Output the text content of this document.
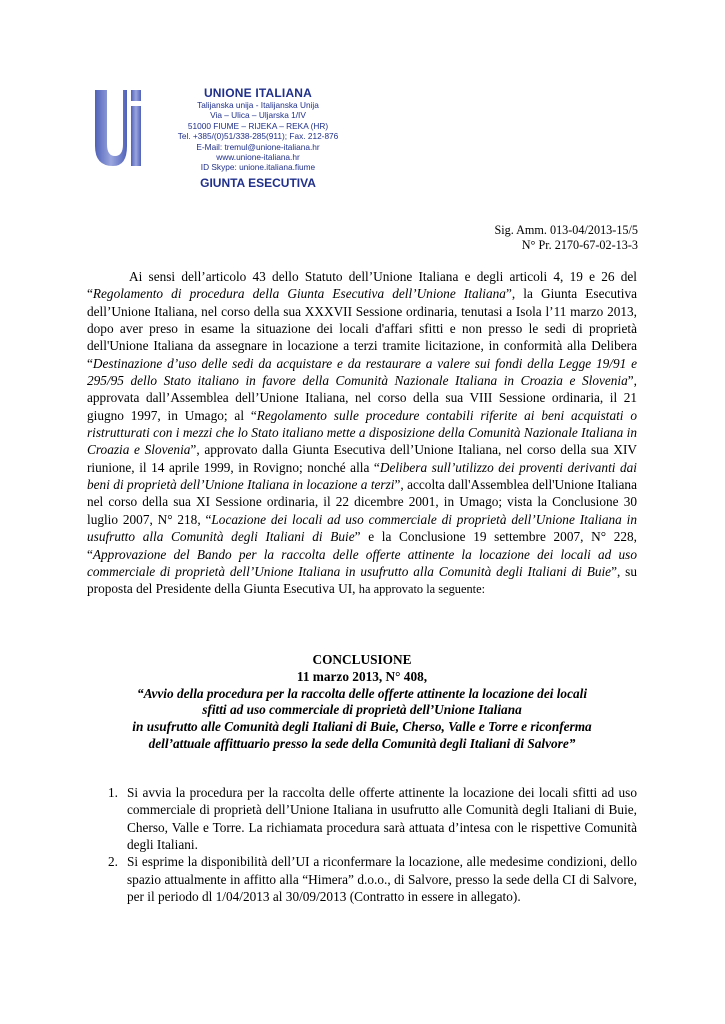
UNIONE ITALIANA
Talijanska unija - Italijanska Unija
Via – Ulica – Uljarska 1/IV
51000 FIUME – RIJEKA – REKA (HR)
Tel. +385/(0)51/338-285(911); Fax. 212-876
E-Mail: tremul@unione-italiana.hr
www.unione-italiana.hr
ID Skype: unione.italiana.fiume
GIUNTA ESECUTIVA
Sig. Amm. 013-04/2013-15/5
N° Pr. 2170-67-02-13-3

Ai sensi dell’articolo 43 dello Statuto dell’Unione Italiana e degli articoli 4, 19 e 26 del “Regolamento di procedura della Giunta Esecutiva dell’Unione Italiana”, la Giunta Esecutiva dell’Unione Italiana, nel corso della sua XXXVII Sessione ordinaria, tenutasi a Isola l’11 marzo 2013, dopo aver preso in esame la situazione dei locali d'affari sfitti e non presso le sedi di proprietà dell'Unione Italiana da assegnare in locazione a terzi tramite licitazione, in conformità alla Delibera “Destinazione d’uso delle sedi da acquistare e da restaurare a valere sui fondi della Legge 19/91 e 295/95 dello Stato italiano in favore della Comunità Nazionale Italiana in Croazia e Slovenia”, approvata dall’Assemblea dell’Unione Italiana, nel corso della sua VIII Sessione ordinaria, il 21 giugno 1997, in Umago; al “Regolamento sulle procedure contabili riferite ai beni acquistati o ristrutturati con i mezzi che lo Stato italiano mette a disposizione della Comunità Nazionale Italiana in Croazia e Slovenia”, approvato dalla Giunta Esecutiva dell’Unione Italiana, nel corso della sua XIV riunione, il 14 aprile 1999, in Rovigno; nonché alla “Delibera sull’utilizzo dei proventi derivanti dai beni di proprietà dell’Unione Italiana in locazione a terzi”, accolta dall'Assemblea dell'Unione Italiana nel corso della sua XI Sessione ordinaria, il 22 dicembre 2001, in Umago; vista la Conclusione 30 luglio 2007, N° 218, “Locazione dei locali ad uso commerciale di proprietà dell’Unione Italiana in usufrutto alla Comunità degli Italiani di Buie” e la Conclusione 19 settembre 2007, N° 228, “Approvazione del Bando per la raccolta delle offerte attinente la locazione dei locali ad uso commerciale di proprietà dell’Unione Italiana in usufrutto alla Comunità degli Italiani di Buie”, su proposta del Presidente della Giunta Esecutiva UI, ha approvato la seguente:

CONCLUSIONE
11 marzo 2013, N° 408,
“Avvio della procedura per la raccolta delle offerte attinente la locazione dei locali
sfitti ad uso commerciale di proprietà dell’Unione Italiana
in usufrutto alle Comunità degli Italiani di Buie, Cherso, Valle e Torre e riconferma
dell’attuale affittuario presso la sede della Comunità degli Italiani di Salvore”
1. Si avvia la procedura per la raccolta delle offerte attinente la locazione dei locali sfitti ad uso commerciale di proprietà dell’Unione Italiana in usufrutto alle Comunità degli Italiani di Buie, Cherso, Valle e Torre. La richiamata procedura sarà attuata d’intesa con le rispettive Comunità degli Italiani.
2. Si esprime la disponibilità dell’UI a riconfermare la locazione, alle medesime condizioni, dello spazio attualmente in affitto alla “Himera” d.o.o., di Salvore, presso la sede della CI di Salvore, per il periodo dl 1/04/2013 al 30/09/2013 (Contratto in essere in allegato).
